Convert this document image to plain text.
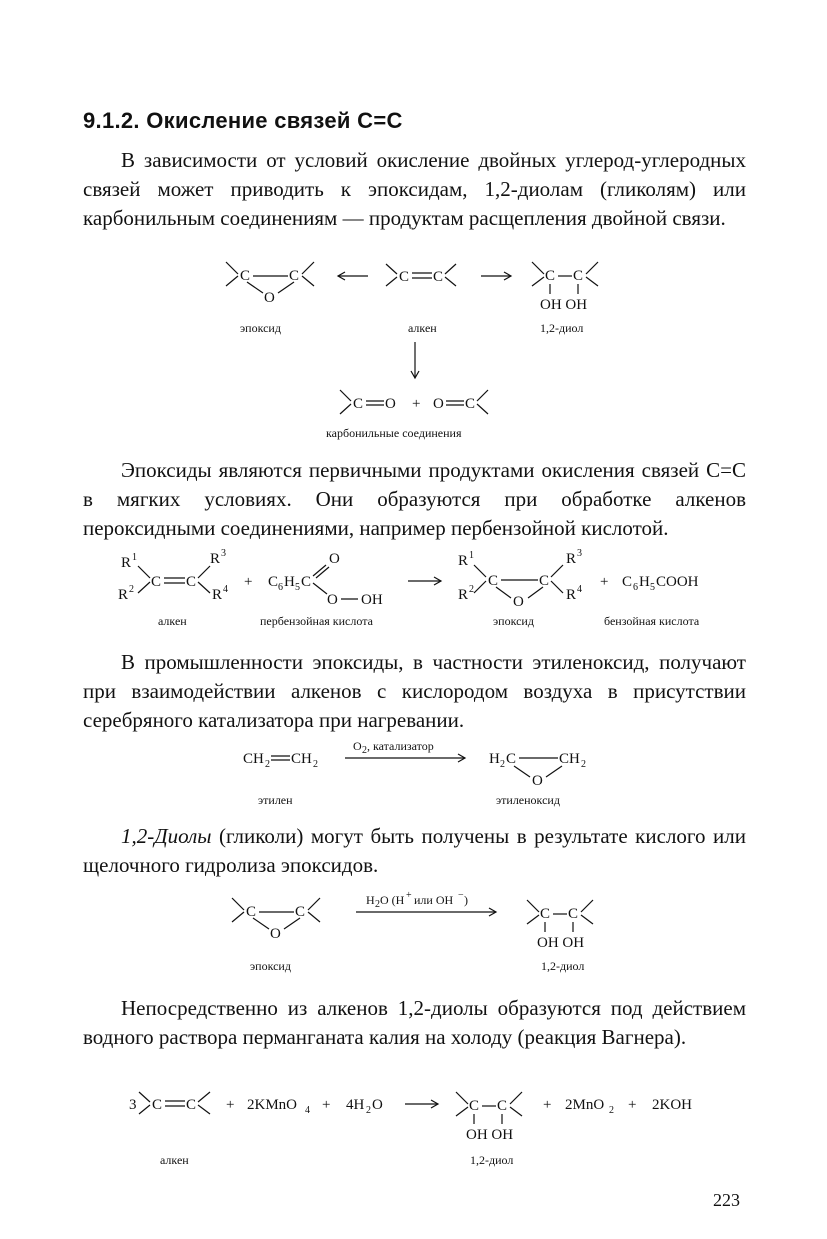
9.1.2. Окисление связей C=C

В зависимости от условий окисление двойных углерод-углеродных связей может приводить к эпоксидам, 1,2-диолам (гликолям) или карбонильным соединениям — продуктам расщепления двойной связи.

C	C
O
C C	C C
OH OH
эпоксид	алкен	1,2-диол
C O + O C
карбонильные соединения

Эпоксиды являются первичными продуктами окисления связей C=C в мягких условиях. Они образуются при обработке алкенов пероксидными соединениями, например пербензойной кислотой.

R 1
R 2 C C
R 3
R 4 + C 6 H 5 C
O
O OH
R 1
R 2
C	C
R 3
R 4
O
+ C 6 H 5 COOH
алкен	пербензойная кислота	эпоксид	бензойная кислота

В промышленности эпоксиды, в частности этиленоксид, получают при взаимодействии алкенов с кислородом воздуха в присутствии серебряного катализатора при нагревании.

CH 2 CH 2
O 2 , катализатор
H 2 C	CH 2
O
этилен	этиленоксид

1,2-Диолы (гликоли) могут быть получены в результате кислого или щелочного гидролиза эпоксидов.

C	C
O
H 2 O (H + или OH − )
C C
OH OH
эпоксид	1,2-диол

Непосредственно из алкенов 1,2-диолы образуются под действием водного раствора перманганата калия на холоду (реакция Вагнера).

3 C C + 2KMnO 4 + 4H 2 O	C C
OH OH
+ 2MnO 2 + 2KOH
алкен	1,2-диол
223
